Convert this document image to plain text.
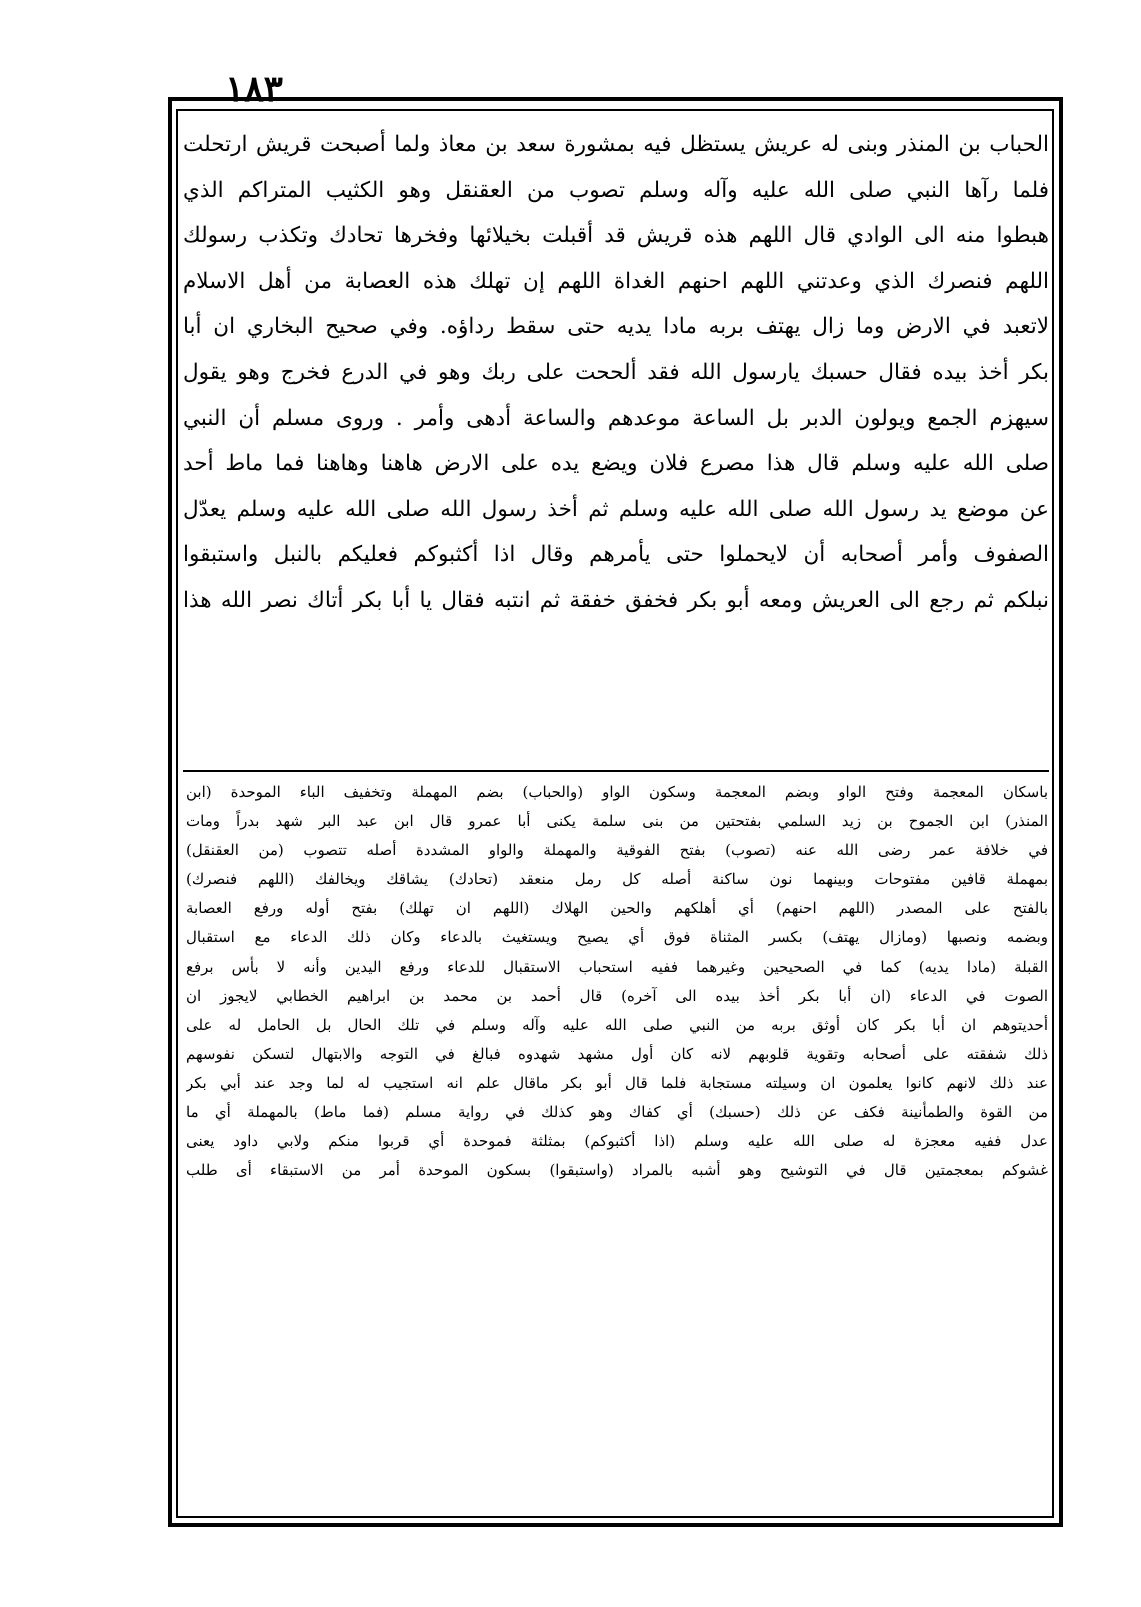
۱۸۳
الحباب بن المنذر وبنى له عريش يستظل فيه بمشورة سعد بن معاذ ولما أصبحت قريش ارتحلت
فلما رآها النبي صلى الله عليه وآله وسلم تصوب من العقنقل وهو الكثيب المتراكم الذي
هبطوا منه الى الوادي قال اللهم هذه قريش قد أقبلت بخيلائها وفخرها تحادك وتكذب رسولك
اللهم فنصرك الذي وعدتني اللهم احنهم الغداة اللهم إن تهلك هذه العصابة من أهل الاسلام
لاتعبد في الارض وما زال يهتف بربه مادا يديه حتى سقط رداؤه. وفي صحيح البخاري ان أبا
بكر أخذ بيده فقال حسبك يارسول الله فقد ألححت على ربك وهو في الدرع فخرج وهو يقول
سيهزم الجمع ويولون الدبر بل الساعة موعدهم والساعة أدهى وأمر . وروى مسلم أن النبي
صلى الله عليه وسلم قال هذا مصرع فلان ويضع يده على الارض هاهنا وهاهنا فما ماط أحد
عن موضع يد رسول الله صلى الله عليه وسلم ثم أخذ رسول الله صلى الله عليه وسلم يعدّل
الصفوف وأمر أصحابه أن لايحملوا حتى يأمرهم وقال اذا أكثبوكم فعليكم بالنبل واستبقوا
نبلكم ثم رجع الى العريش ومعه أبو بكر فخفق خفقة ثم انتبه فقال يا أبا بكر أتاك نصر الله هذا
باسكان المعجمة وفتح الواو وبضم المعجمة وسكون الواو (والحباب) بضم المهملة وتخفيف الباء الموحدة (ابن
المنذر) ابن الجموح بن زيد السلمي بفتحتين من بنى سلمة يكنى أبا عمرو قال ابن عبد البر شهد بدراً ومات
في خلافة عمر رضى الله عنه (تصوب) بفتح الفوقية والمهملة والواو المشددة أصله تتصوب (من العقنقل)
بمهملة قافين مفتوحات وبينهما نون ساكنة أصله كل رمل منعقد (تحادك) يشاقك ويخالفك (اللهم فنصرك)
بالفتح على المصدر (اللهم احنهم) أي أهلكهم والحين الهلاك (اللهم ان تهلك) بفتح أوله ورفع العصابة
وبضمه ونصبها (ومازال يهتف) بكسر المثناة فوق أي يصيح ويستغيث بالدعاء وكان ذلك الدعاء مع استقبال
القبلة (مادا يديه) كما في الصحيحين وغيرهما ففيه استحباب الاستقبال للدعاء ورفع اليدين وأنه لا بأس برفع
الصوت في الدعاء (ان أبا بكر أخذ بيده الى آخره) قال أحمد بن محمد بن ابراهيم الخطابي لايجوز ان
أحديتوهم ان أبا بكر كان أوثق بربه من النبي صلى الله عليه وآله وسلم في تلك الحال بل الحامل له على
ذلك شفقته على أصحابه وتقوية قلوبهم لانه كان أول مشهد شهدوه فبالغ في التوجه والابتهال لتسكن نفوسهم
عند ذلك لانهم كانوا يعلمون ان وسيلته مستجابة فلما قال أبو بكر ماقال علم انه استجيب له لما وجد عند أبي بكر
من القوة والطمأنينة فكف عن ذلك (حسبك) أي كفاك وهو كذلك في رواية مسلم (فما ماط) بالمهملة أي ما
عدل ففيه معجزة له صلى الله عليه وسلم (اذا أكثبوكم) بمثلثة فموحدة أي قربوا منكم ولابي داود يعنى
غشوكم بمعجمتين قال في التوشيح وهو أشبه بالمراد (واستبقوا) بسكون الموحدة أمر من الاستبقاء أى طلب
